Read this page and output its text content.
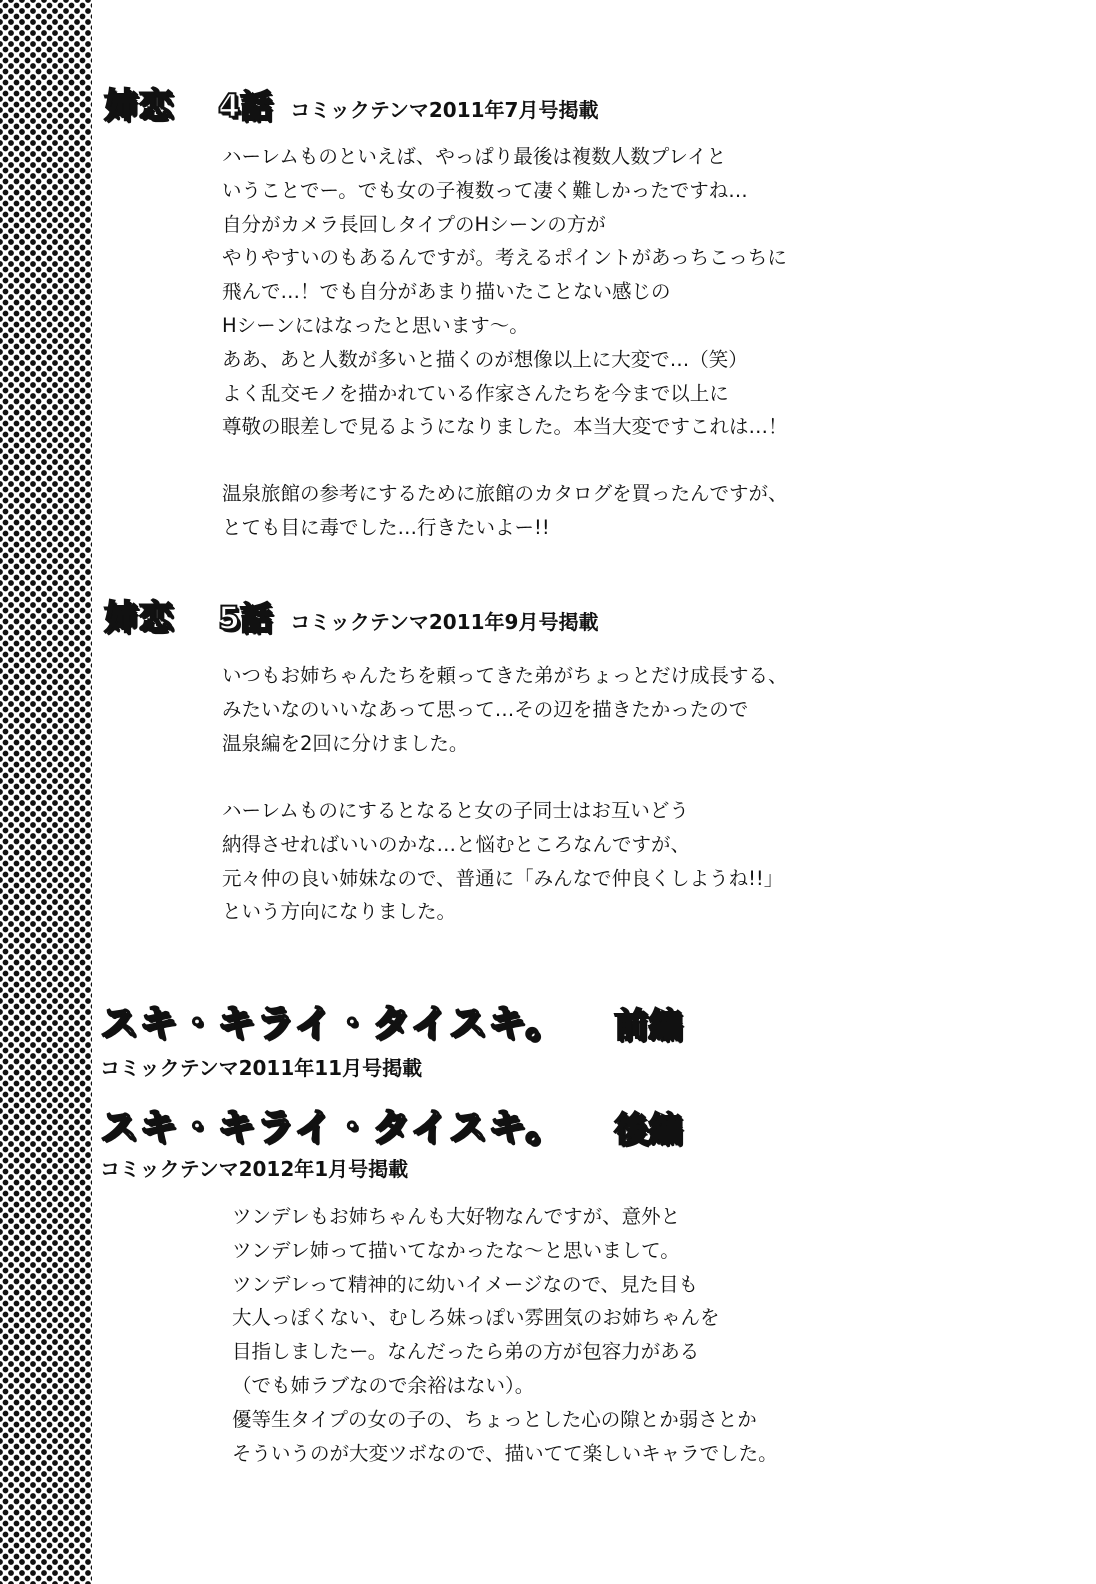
姉恋 4話 コミックテンマ2011年7月号掲載

ハーレムものといえば、やっぱり最後は複数人数プレイと
いうことでー。でも女の子複数って凄く難しかったですね…
自分がカメラ長回しタイプのHシーンの方が
やりやすいのもあるんですが。考えるポイントがあっちこっちに
飛んで…！でも自分があまり描いたことない感じの
Hシーンにはなったと思います～。
ああ、あと人数が多いと描くのが想像以上に大変で…（笑）
よく乱交モノを描かれている作家さんたちを今まで以上に
尊敬の眼差しで見るようになりました。本当大変ですこれは…！

温泉旅館の参考にするために旅館のカタログを買ったんですが、
とても目に毒でした…行きたいよー!!

姉恋 5話 コミックテンマ2011年9月号掲載

いつもお姉ちゃんたちを頼ってきた弟がちょっとだけ成長する、
みたいなのいいなあって思って…その辺を描きたかったので
温泉編を2回に分けました。

ハーレムものにするとなると女の子同士はお互いどう
納得させればいいのかな…と悩むところなんですが、
元々仲の良い姉妹なので、普通に「みんなで仲良くしようね!!」
という方向になりました。

スキ・キライ・タイスキ。 前編
コミックテンマ2011年11月号掲載
スキ・キライ・タイスキ。 後編
コミックテンマ2012年1月号掲載

ツンデレもお姉ちゃんも大好物なんですが、意外と
ツンデレ姉って描いてなかったな～と思いまして。
ツンデレって精神的に幼いイメージなので、見た目も
大人っぽくない、むしろ妹っぽい雰囲気のお姉ちゃんを
目指しましたー。なんだったら弟の方が包容力がある
（でも姉ラブなので余裕はない）。
優等生タイプの女の子の、ちょっとした心の隙とか弱さとか
そういうのが大変ツボなので、描いてて楽しいキャラでした。
